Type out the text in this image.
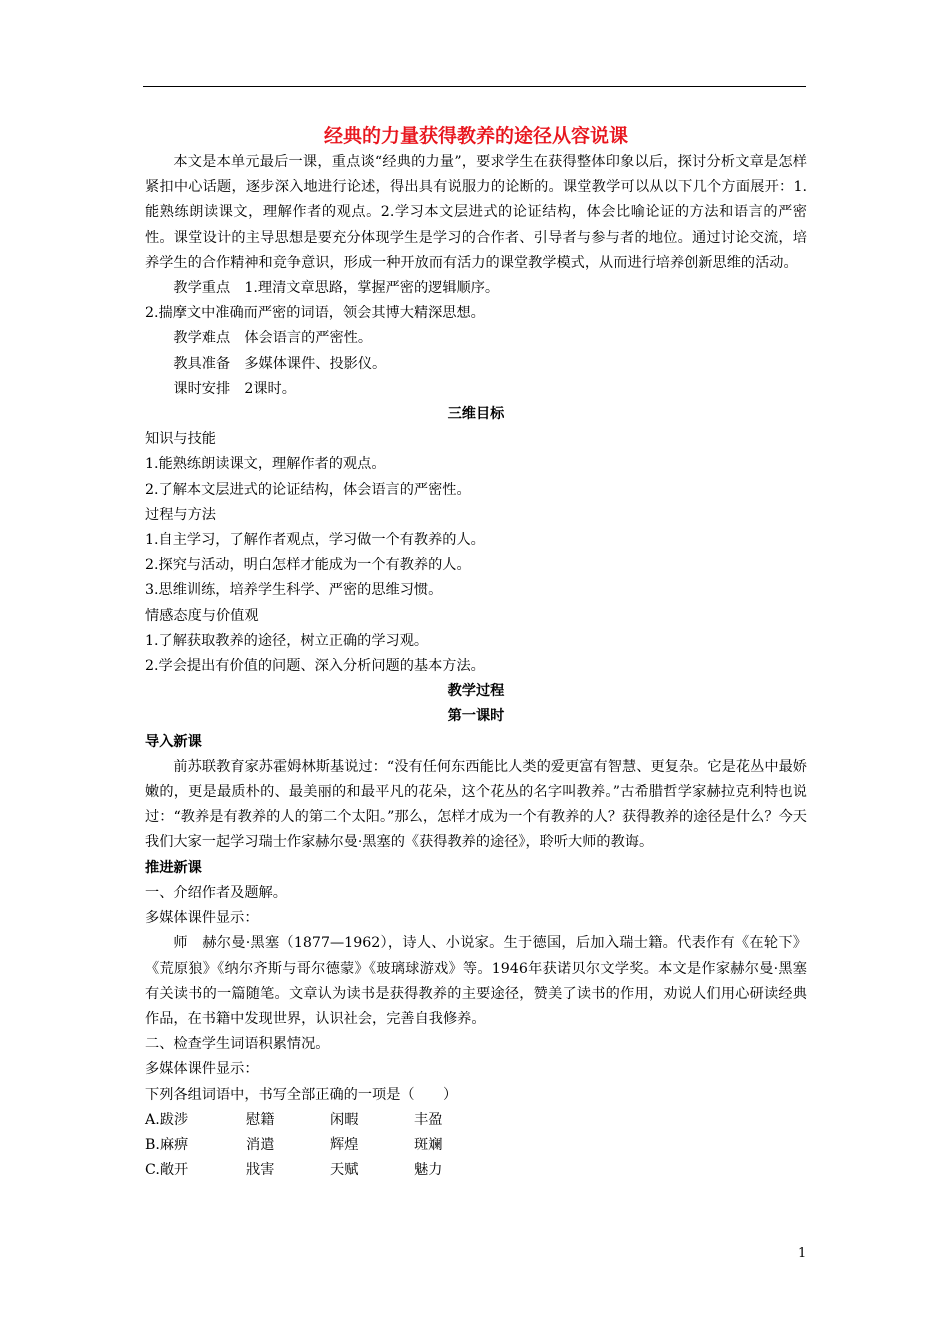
经典的力量获得教养的途径从容说课

本文是本单元最后一课，重点谈“经典的力量”，要求学生在获得整体印象以后，探讨分析文章是怎样紧扣中心话题，逐步深入地进行论述，得出具有说服力的论断的。课堂教学可以从以下几个方面展开：1.能熟练朗读课文，理解作者的观点。2.学习本文层进式的论证结构，体会比喻论证的方法和语言的严密性。课堂设计的主导思想是要充分体现学生是学习的合作者、引导者与参与者的地位。通过讨论交流，培养学生的合作精神和竞争意识，形成一种开放而有活力的课堂教学模式，从而进行培养创新思维的活动。

教学重点 1.理清文章思路，掌握严密的逻辑顺序。

2.揣摩文中准确而严密的词语，领会其博大精深思想。

教学难点 体会语言的严密性。

教具准备 多媒体课件、投影仪。

课时安排 2课时。

三维目标

知识与技能

1.能熟练朗读课文，理解作者的观点。

2.了解本文层进式的论证结构，体会语言的严密性。

过程与方法

1.自主学习，了解作者观点，学习做一个有教养的人。

2.探究与活动，明白怎样才能成为一个有教养的人。

3.思维训练，培养学生科学、严密的思维习惯。

情感态度与价值观

1.了解获取教养的途径，树立正确的学习观。

2.学会提出有价值的问题、深入分析问题的基本方法。

教学过程

第一课时

导入新课

前苏联教育家苏霍姆林斯基说过：“没有任何东西能比人类的爱更富有智慧、更复杂。它是花丛中最娇嫩的，更是最质朴的、最美丽的和最平凡的花朵，这个花丛的名字叫教养。”古希腊哲学家赫拉克利特也说过：“教养是有教养的人的第二个太阳。”那么，怎样才成为一个有教养的人？获得教养的途径是什么？今天我们大家一起学习瑞士作家赫尔曼·黑塞的《获得教养的途径》，聆听大师的教诲。

推进新课

一、介绍作者及题解。

多媒体课件显示：

师 赫尔曼·黑塞（1877—1962），诗人、小说家。生于德国，后加入瑞士籍。代表作有《在轮下》《荒原狼》《纳尔齐斯与哥尔德蒙》《玻璃球游戏》等。1946年获诺贝尔文学奖。本文是作家赫尔曼·黑塞有关读书的一篇随笔。文章认为读书是获得教养的主要途径，赞美了读书的作用，劝说人们用心研读经典作品，在书籍中发现世界，认识社会，完善自我修养。

二、检查学生词语积累情况。

多媒体课件显示：

下列各组词语中，书写全部正确的一项是（　　）

A.跋涉	慰籍	闲暇	丰盈
B.麻痹	消遣	辉煌	斑斓
C.敞开	戕害	天赋	魅力
1
